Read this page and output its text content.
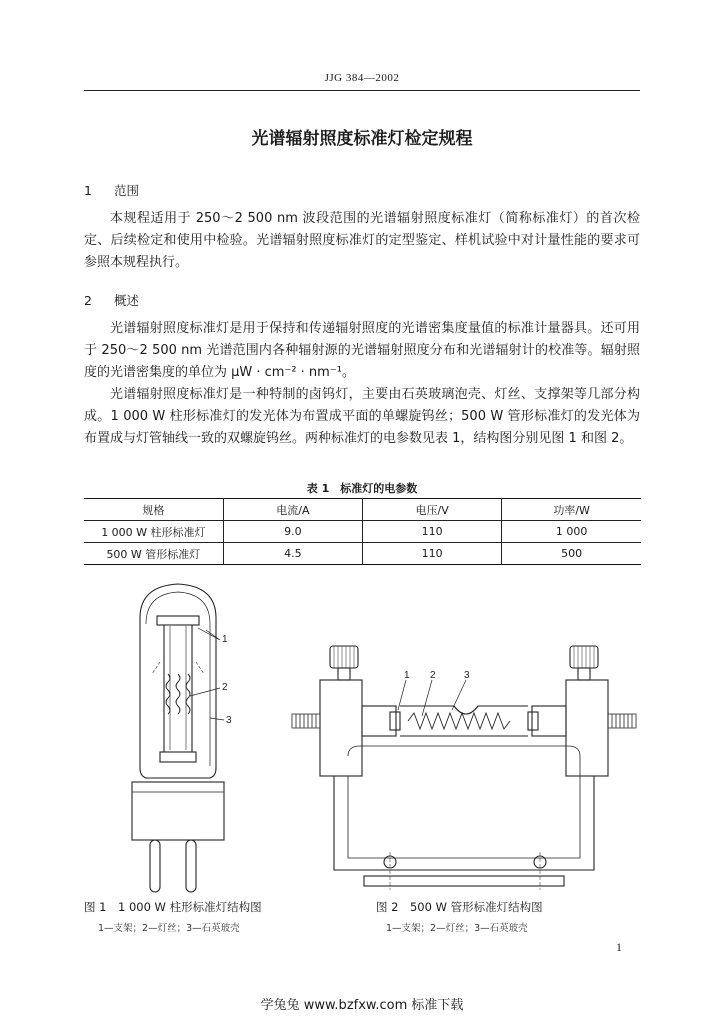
JJG 384—2002
光谱辐射照度标准灯检定规程
1 范围
本规程适用于 250～2 500 nm 波段范围的光谱辐射照度标准灯（简称标准灯）的首次检定、后续检定和使用中检验。光谱辐射照度标准灯的定型鉴定、样机试验中对计量性能的要求可参照本规程执行。
2 概述
光谱辐射照度标准灯是用于保持和传递辐射照度的光谱密集度量值的标准计量器具。还可用于 250～2 500 nm 光谱范围内各种辐射源的光谱辐射照度分布和光谱辐射计的校准等。辐射照度的光谱密集度的单位为 μW · cm⁻² · nm⁻¹。
光谱辐射照度标准灯是一种特制的卤钨灯，主要由石英玻璃泡壳、灯丝、支撑架等几部分构成。1 000 W 柱形标准灯的发光体为布置成平面的单螺旋钨丝；500 W 管形标准灯的发光体为布置成与灯管轴线一致的双螺旋钨丝。两种标准灯的电参数见表 1，结构图分别见图 1 和图 2。
表 1　标准灯的电参数
规格	电流/A	电压/V	功率/W
1 000 W 柱形标准灯	9.0	110	1 000
500 W 管形标准灯	4.5	110	500
1
2
3
1 2	3
图 1　1 000 W 柱形标准灯结构图
1—支架；2—灯丝；3—石英玻壳
图 2　500 W 管形标准灯结构图
1—支架；2—灯丝；3—石英玻壳
1
学兔兔 www.bzfxw.com 标准下载
